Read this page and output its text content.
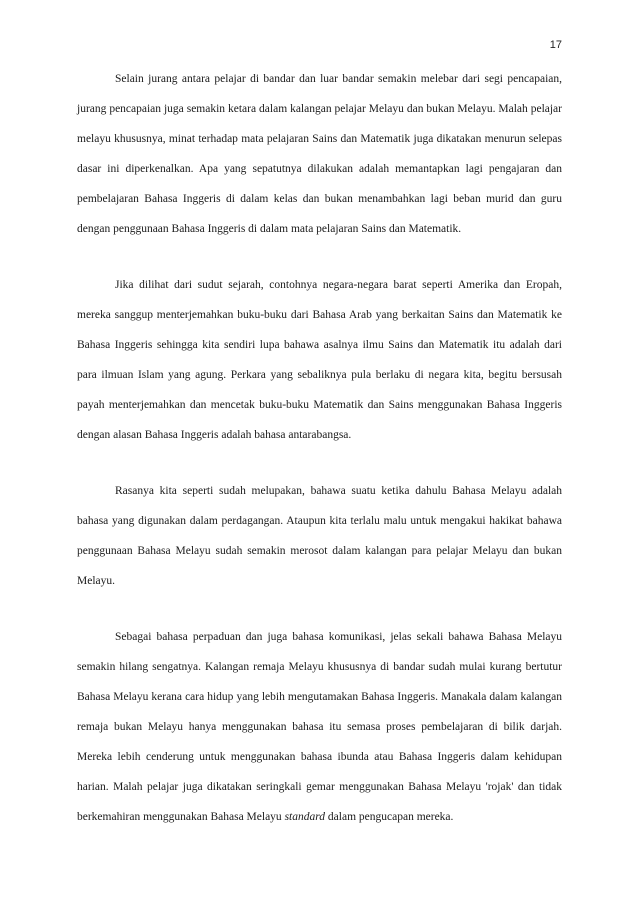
17

Selain jurang antara pelajar di bandar dan luar bandar semakin melebar dari segi pencapaian, jurang pencapaian juga semakin ketara dalam kalangan pelajar Melayu dan bukan Melayu. Malah pelajar melayu khususnya, minat terhadap mata pelajaran Sains dan Matematik juga dikatakan menurun selepas dasar ini diperkenalkan. Apa yang sepatutnya dilakukan adalah memantapkan lagi pengajaran dan pembelajaran Bahasa Inggeris di dalam kelas dan bukan menambahkan lagi beban murid dan guru dengan penggunaan Bahasa Inggeris di dalam mata pelajaran Sains dan Matematik.

Jika dilihat dari sudut sejarah, contohnya negara-negara barat seperti Amerika dan Eropah, mereka sanggup menterjemahkan buku-buku dari Bahasa Arab yang berkaitan Sains dan Matematik ke Bahasa Inggeris sehingga kita sendiri lupa bahawa asalnya ilmu Sains dan Matematik itu adalah dari para ilmuan Islam yang agung. Perkara yang sebaliknya pula berlaku di negara kita, begitu bersusah payah menterjemahkan dan mencetak buku-buku Matematik dan Sains menggunakan Bahasa Inggeris dengan alasan Bahasa Inggeris adalah bahasa antarabangsa.

Rasanya kita seperti sudah melupakan, bahawa suatu ketika dahulu Bahasa Melayu adalah bahasa yang digunakan dalam perdagangan. Ataupun kita terlalu malu untuk mengakui hakikat bahawa penggunaan Bahasa Melayu sudah semakin merosot dalam kalangan para pelajar Melayu dan bukan Melayu.

Sebagai bahasa perpaduan dan juga bahasa komunikasi, jelas sekali bahawa Bahasa Melayu semakin hilang sengatnya. Kalangan remaja Melayu khususnya di bandar sudah mulai kurang bertutur Bahasa Melayu kerana cara hidup yang lebih mengutamakan Bahasa Inggeris. Manakala dalam kalangan remaja bukan Melayu hanya menggunakan bahasa itu semasa proses pembelajaran di bilik darjah. Mereka lebih cenderung untuk menggunakan bahasa ibunda atau Bahasa Inggeris dalam kehidupan harian. Malah pelajar juga dikatakan seringkali gemar menggunakan Bahasa Melayu 'rojak' dan tidak berkemahiran menggunakan Bahasa Melayu standard dalam pengucapan mereka.
